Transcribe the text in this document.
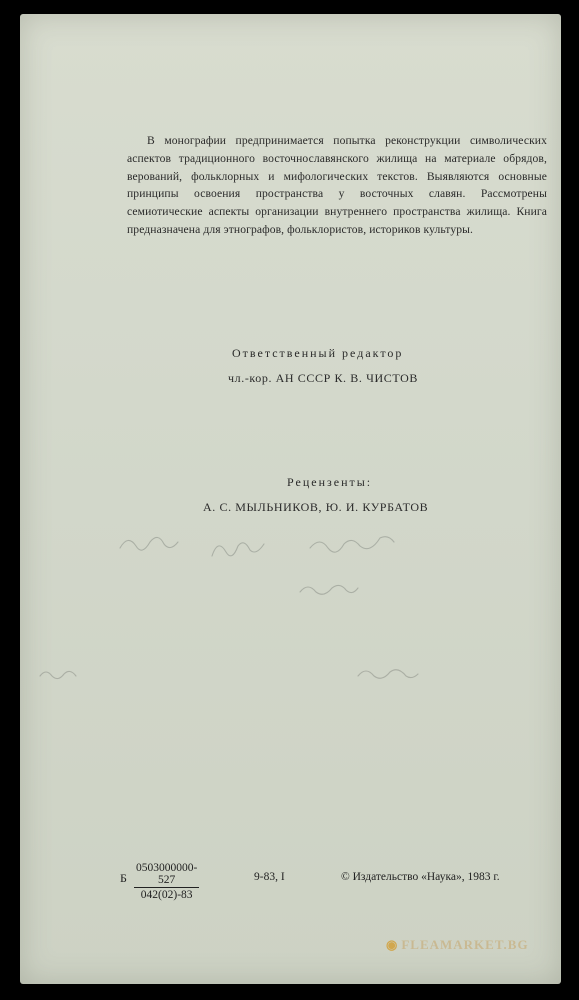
В монографии предпринимается попытка реконструкции символических аспектов традиционного восточнославянского жилища на материале обрядов, верований, фольклорных и мифологических текстов. Выявляются основные принципы освоения пространства у восточных славян. Рассмотрены семиотические аспекты организации внутреннего пространства жилища. Книга предназначена для этнографов, фольклористов, историков культуры.
Ответственный редактор
чл.-кор. АН СССР К. В. ЧИСТОВ
Рецензенты:
А. С. МЫЛЬНИКОВ, Ю. И. КУРБАТОВ
Б $\frac{0503000000-527}{042(02)-83}$	9-83, I	© Издательство «Наука», 1983 г.
◉ FLEAMARKET.BG
